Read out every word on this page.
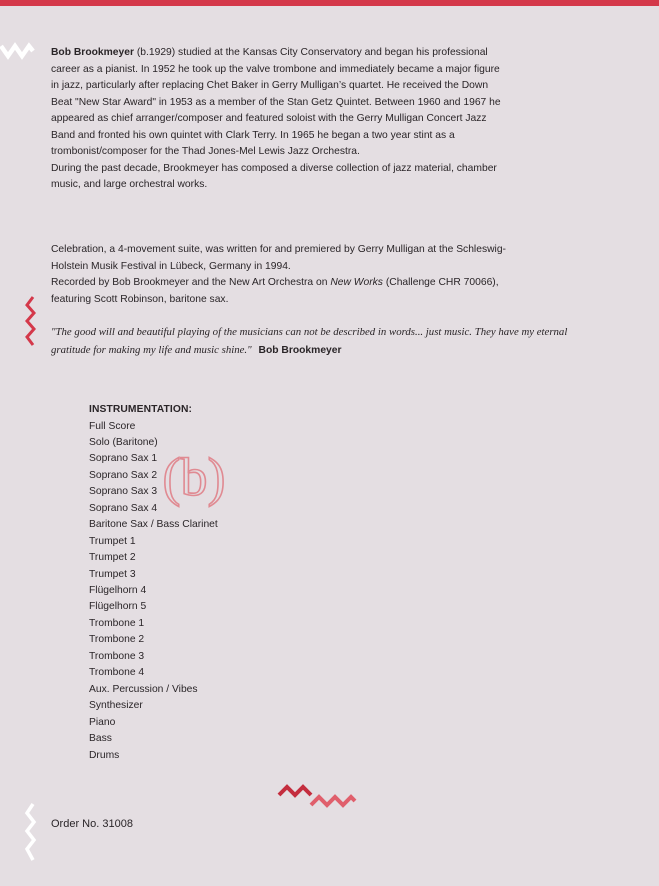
Bob Brookmeyer (b.1929) studied at the Kansas City Conservatory and began his professional career as a pianist. In 1952 he took up the valve trombone and immediately became a major figure in jazz, particularly after replacing Chet Baker in Gerry Mulligan’s quartet. He received the Down Beat "New Star Award" in 1953 as a member of the Stan Getz Quintet. Between 1960 and 1967 he appeared as chief arranger/composer and featured soloist with the Gerry Mulligan Concert Jazz Band and fronted his own quintet with Clark Terry. In 1965 he began a two year stint as a trombonist/composer for the Thad Jones-Mel Lewis Jazz Orchestra.
During the past decade, Brookmeyer has composed a diverse collection of jazz material, chamber music, and large orchestral works.
Celebration, a 4-movement suite, was written for and premiered by Gerry Mulligan at the Schleswig-Holstein Musik Festival in Lübeck, Germany in 1994.
Recorded by Bob Brookmeyer and the New Art Orchestra on New Works (Challenge CHR 70066), featuring Scott Robinson, baritone sax.
"The good will and beautiful playing of the musicians can not be described in words... just music. They have my eternal gratitude for making my life and music shine." Bob Brookmeyer
INSTRUMENTATION:
Full Score
Solo (Baritone)
Soprano Sax 1
Soprano Sax 2
Soprano Sax 3
Soprano Sax 4
Baritone Sax / Bass Clarinet
Trumpet 1
Trumpet 2
Trumpet 3
Flügelhorn 4
Flügelhorn 5
Trombone 1
Trombone 2
Trombone 3
Trombone 4
Aux. Percussion / Vibes
Synthesizer
Piano
Bass
Drums
(b)
Order No. 31008
